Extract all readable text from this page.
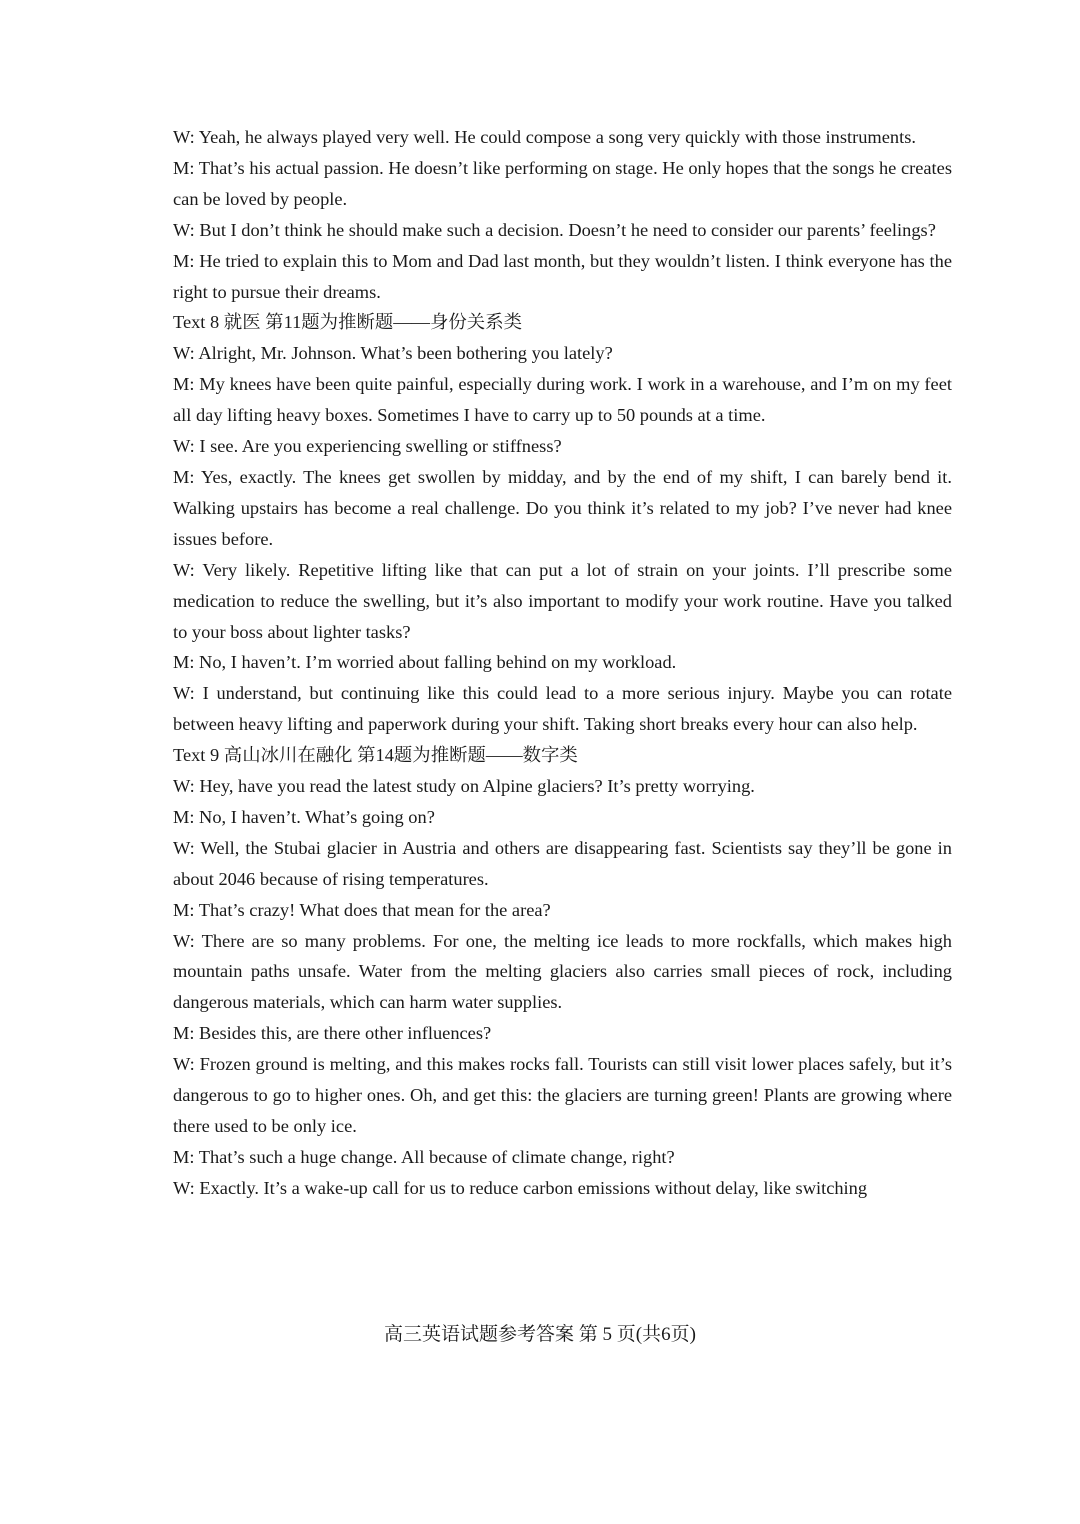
W: Yeah, he always played very well. He could compose a song very quickly with those instruments.

M: That’s his actual passion. He doesn’t like performing on stage. He only hopes that the songs he creates can be loved by people.

W: But I don’t think he should make such a decision. Doesn’t he need to consider our parents’ feelings?

M: He tried to explain this to Mom and Dad last month, but they wouldn’t listen. I think everyone has the right to pursue their dreams.

Text 8 就医 第11题为推断题——身份关系类

W: Alright, Mr. Johnson. What’s been bothering you lately?

M: My knees have been quite painful, especially during work. I work in a warehouse, and I’m on my feet all day lifting heavy boxes. Sometimes I have to carry up to 50 pounds at a time.

W: I see. Are you experiencing swelling or stiffness?

M: Yes, exactly. The knees get swollen by midday, and by the end of my shift, I can barely bend it. Walking upstairs has become a real challenge. Do you think it’s related to my job? I’ve never had knee issues before.

W: Very likely. Repetitive lifting like that can put a lot of strain on your joints. I’ll prescribe some medication to reduce the swelling, but it’s also important to modify your work routine. Have you talked to your boss about lighter tasks?

M: No, I haven’t. I’m worried about falling behind on my workload.

W: I understand, but continuing like this could lead to a more serious injury. Maybe you can rotate between heavy lifting and paperwork during your shift. Taking short breaks every hour can also help.

Text 9 高山冰川在融化 第14题为推断题——数字类

W: Hey, have you read the latest study on Alpine glaciers? It’s pretty worrying.

M: No, I haven’t. What’s going on?

W: Well, the Stubai glacier in Austria and others are disappearing fast. Scientists say they’ll be gone in about 2046 because of rising temperatures.

M: That’s crazy! What does that mean for the area?

W: There are so many problems. For one, the melting ice leads to more rockfalls, which makes high mountain paths unsafe. Water from the melting glaciers also carries small pieces of rock, including dangerous materials, which can harm water supplies.

M: Besides this, are there other influences?

W: Frozen ground is melting, and this makes rocks fall. Tourists can still visit lower places safely, but it’s dangerous to go to higher ones. Oh, and get this: the glaciers are turning green! Plants are growing where there used to be only ice.

M: That’s such a huge change. All because of climate change, right?

W: Exactly. It’s a wake-up call for us to reduce carbon emissions without delay, like switching

高三英语试题参考答案 第 5 页(共6页)
